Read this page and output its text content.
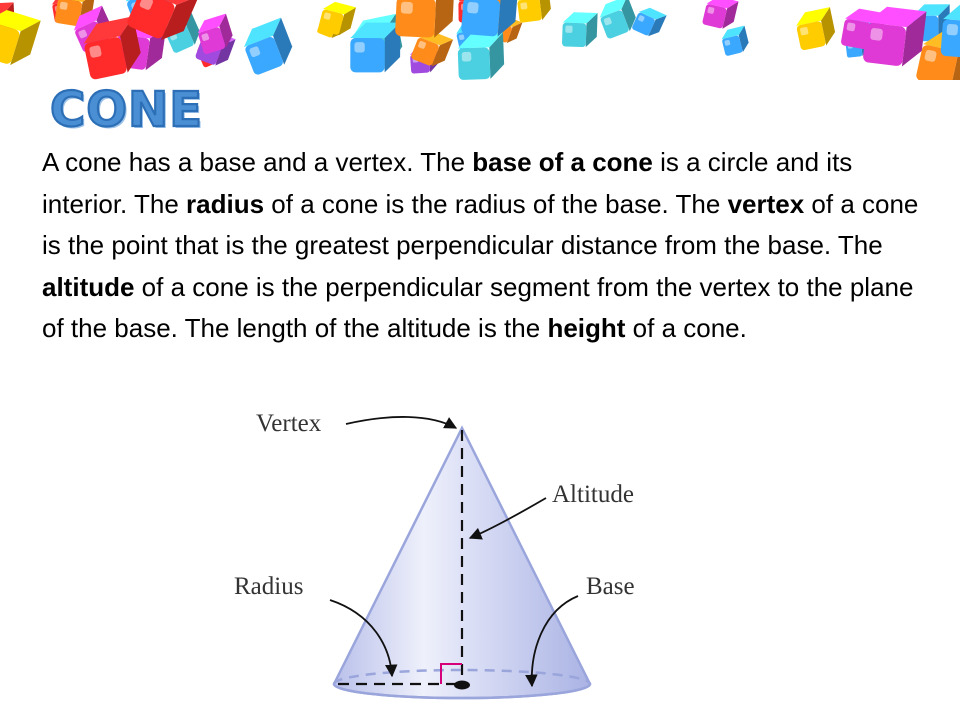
CONE
A cone has a base and a vertex. The base of a cone is a circle and its interior. The radius of a cone is the radius of the base. The vertex of a cone is the point that is the greatest perpendicular distance from the base. The altitude of a cone is the perpendicular segment from the vertex to the plane of the base. The length of the altitude is the height of a cone.
Vertex
Altitude
Radius	Base
